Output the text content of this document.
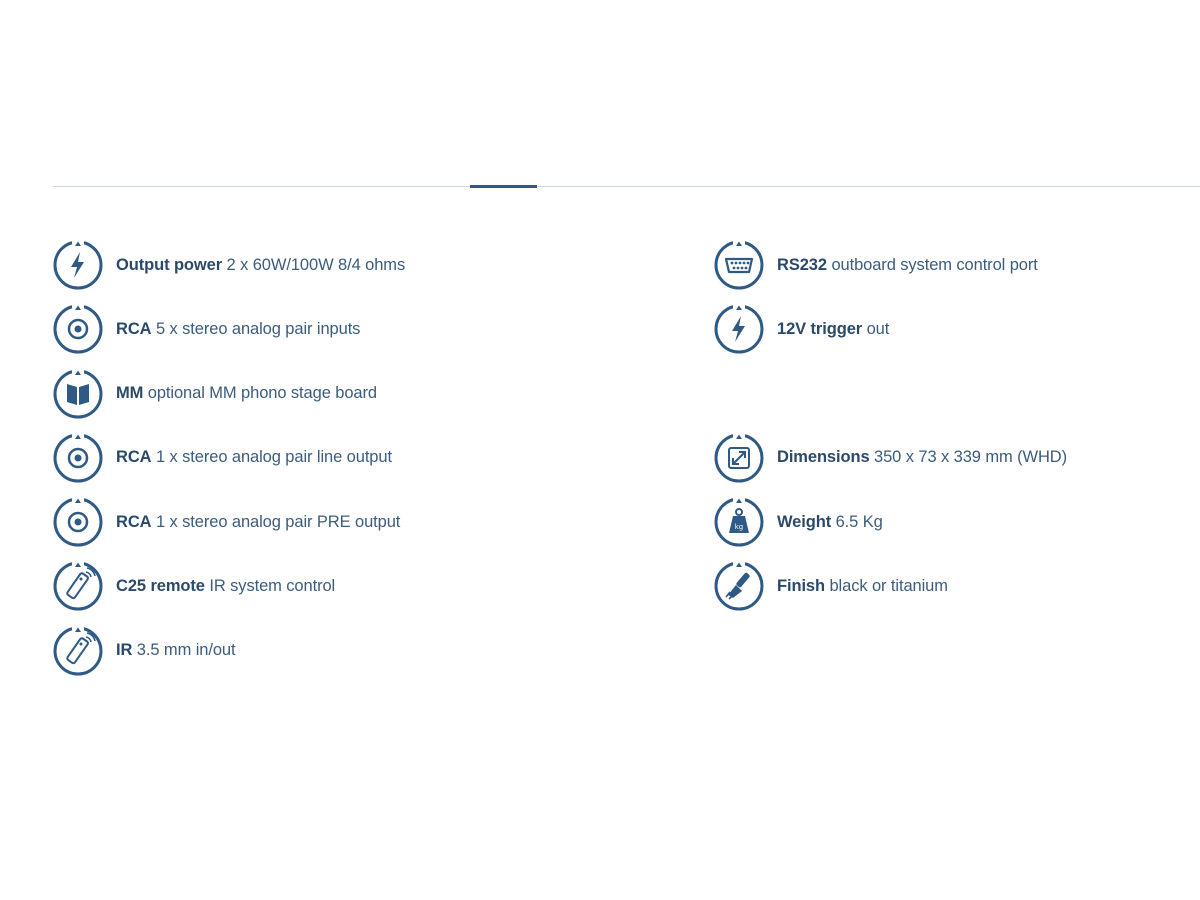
Output power 2 x 60W/100W 8/4 ohms
RCA 5 x stereo analog pair inputs
MM optional MM phono stage board
RCA 1 x stereo analog pair line output
RCA 1 x stereo analog pair PRE output
C25 remote IR system control
IR 3.5 mm in/out
RS232 outboard system control port
12V trigger out
Dimensions 350 x 73 x 339 mm (WHD)
Weight 6.5 Kg
Finish black or titanium
